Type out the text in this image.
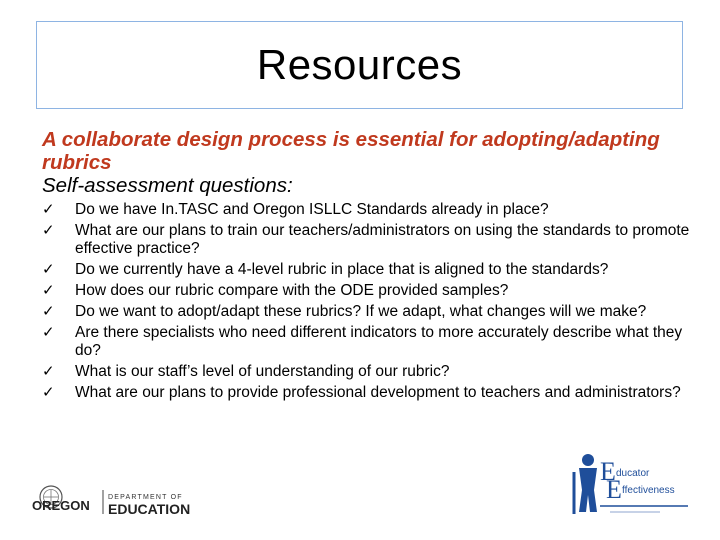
Resources

A collaborate design process is essential for adopting/adapting rubrics

Self-assessment questions:

✓ Do we have In.TASC and Oregon ISLLC Standards already in place?
✓ What are our plans to train our teachers/administrators on using the standards to promote effective practice?
✓ Do we currently have a 4-level rubric in place that is aligned to the standards?
✓ How does our rubric compare with the ODE provided samples?
✓ Do we want to adopt/adapt these rubrics? If we adapt, what changes will we make?
✓ Are there specialists who need different indicators to more accurately describe what they do?
✓ What is our staff’s level of understanding of our rubric?
✓ What are our plans to provide professional development to teachers and administrators?
OREGON
DEPARTMENT OF
EDUCATION
E
E
ducator
ffectiveness
